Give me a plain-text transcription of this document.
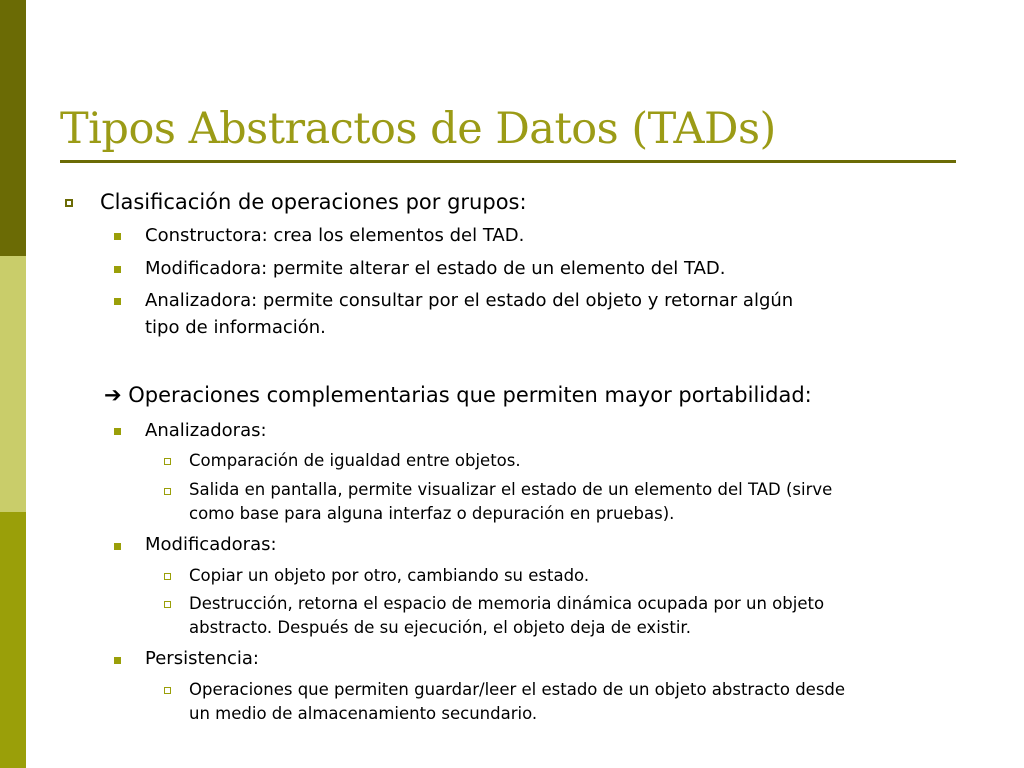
Tipos Abstractos de Datos (TADs)
Clasificación de operaciones por grupos:
Constructora: crea los elementos del TAD.
Modificadora: permite alterar el estado de un elemento del TAD.
Analizadora: permite consultar por el estado del objeto y retornar algún
tipo de información.
➔ Operaciones complementarias que permiten mayor portabilidad:
Analizadoras:
Comparación de igualdad entre objetos.
Salida en pantalla, permite visualizar el estado de un elemento del TAD (sirve
como base para alguna interfaz o depuración en pruebas).
Modificadoras:
Copiar un objeto por otro, cambiando su estado.
Destrucción, retorna el espacio de memoria dinámica ocupada por un objeto
abstracto. Después de su ejecución, el objeto deja de existir.
Persistencia:
Operaciones que permiten guardar/leer el estado de un objeto abstracto desde
un medio de almacenamiento secundario.
